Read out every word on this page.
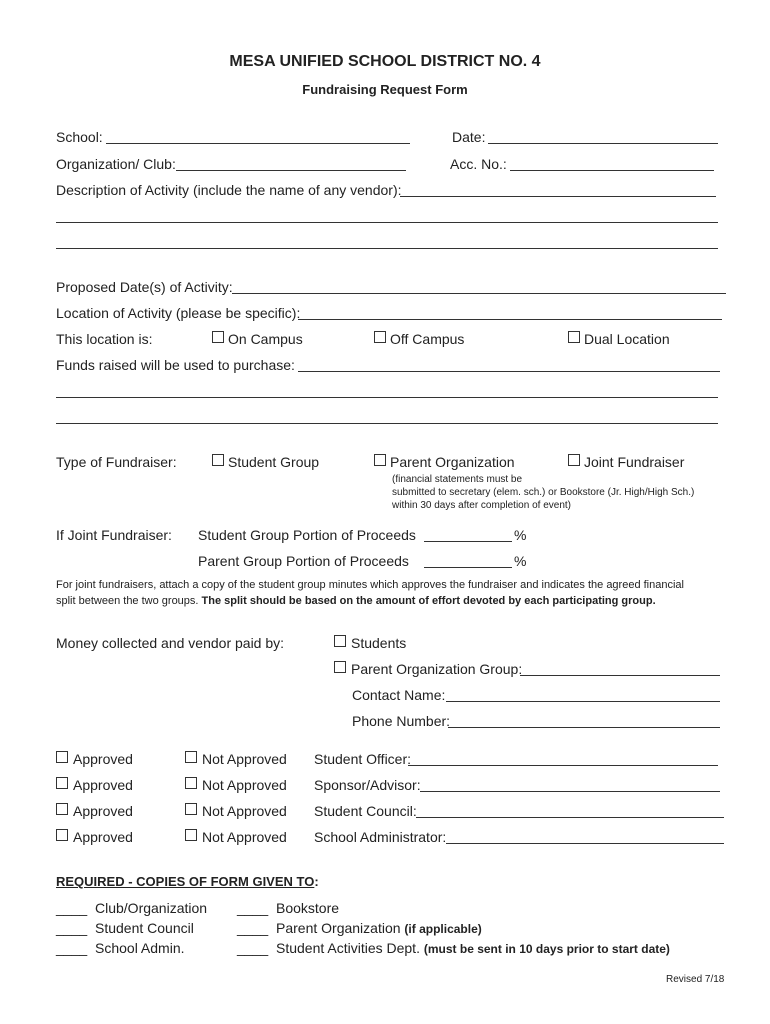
MESA UNIFIED SCHOOL DISTRICT NO. 4
Fundraising Request Form
School:	Date:
Organization/ Club:	Acc. No.:
Description of Activity (include the name of any vendor):
Proposed Date(s) of Activity:
Location of Activity (please be specific):
This location is:	On Campus	Off Campus	Dual Location
Funds raised will be used to purchase:
Type of Fundraiser:	Student Group	Parent Organization	Joint Fundraiser
(financial statements must be
submitted to secretary (elem. sch.) or Bookstore (Jr. High/High Sch.)
within 30 days after completion of event)
If Joint Fundraiser: Student Group Portion of Proceeds	%
Parent Group Portion of Proceeds	%
For joint fundraisers, attach a copy of the student group minutes which approves the fundraiser and indicates the agreed financial
split between the two groups. The split should be based on the amount of effort devoted by each participating group.
Money collected and vendor paid by:	Students
Parent Organization Group:
Contact Name:
Phone Number:
Approved	Not Approved Student Officer:
Approved	Not Approved Sponsor/Advisor:
Approved	Not Approved Student Council:
Approved	Not Approved School Administrator:
REQUIRED - COPIES OF FORM GIVEN TO:
____ Club/Organization
____ Student Council
____ School Admin.
____ Bookstore
____ Parent Organization (if applicable)
____ Student Activities Dept. (must be sent in 10 days prior to start date)
Revised 7/18
